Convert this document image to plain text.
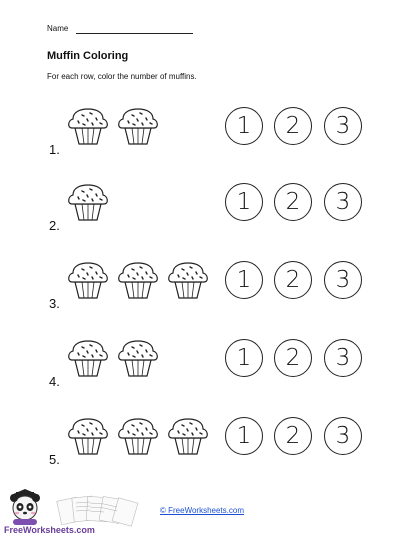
Name
Muffin Coloring
For each row, color the number of muffins.
1.
1	2	3
2.
1	2	3
3.
1	2	3
4.
1	2	3
5.
1	2	3
FreeWorksheets.com
© FreeWorksheets.com
